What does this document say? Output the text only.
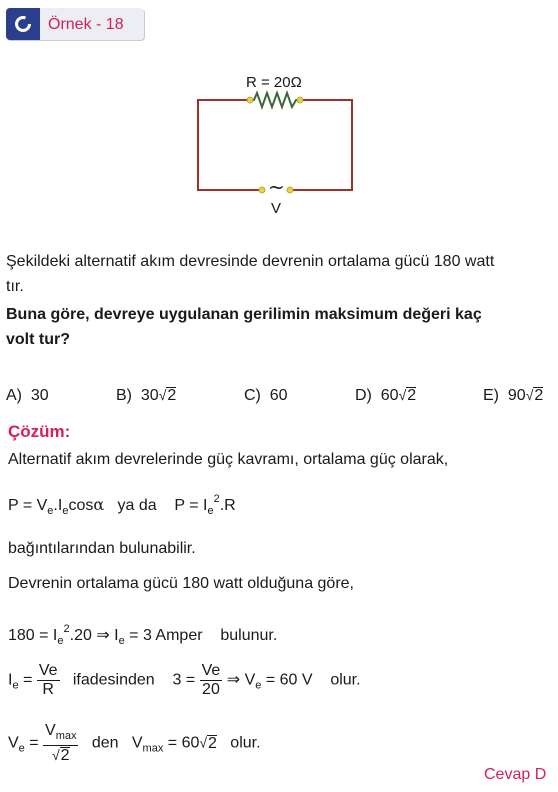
Örnek - 18
R = 20Ω
~
V
Şekildeki alternatif akım devresinde devrenin ortalama gücü 180 watt
tır.
Buna göre, devreye uygulanan gerilimin maksimum değeri kaç
volt tur?
A) 30	B) 30√2	C) 60	D) 60√2	E) 90√2
Çözüm:
Alternatif akım devrelerinde güç kavramı, ortalama güç olarak,
$P = V_e.I_e\cos\alpha$ ya da    $P = I_e^2.R$
bağıntılarından bulunabilir.
Devrenin ortalama gücü 180 watt olduğuna göre,
$180 = I_e^2.20$ ⇒ $I_e = 3$ Amper    bulunur.
$I_e = \frac{Ve}{R}$ ifadesinden    $3 = \frac{Ve}{20}$ ⇒ $V_e = 60$ V    olur.
$V_e = \frac{V_{max}}{√2}$ den   $V_{max} = 60√2$ olur.
Cevap D
